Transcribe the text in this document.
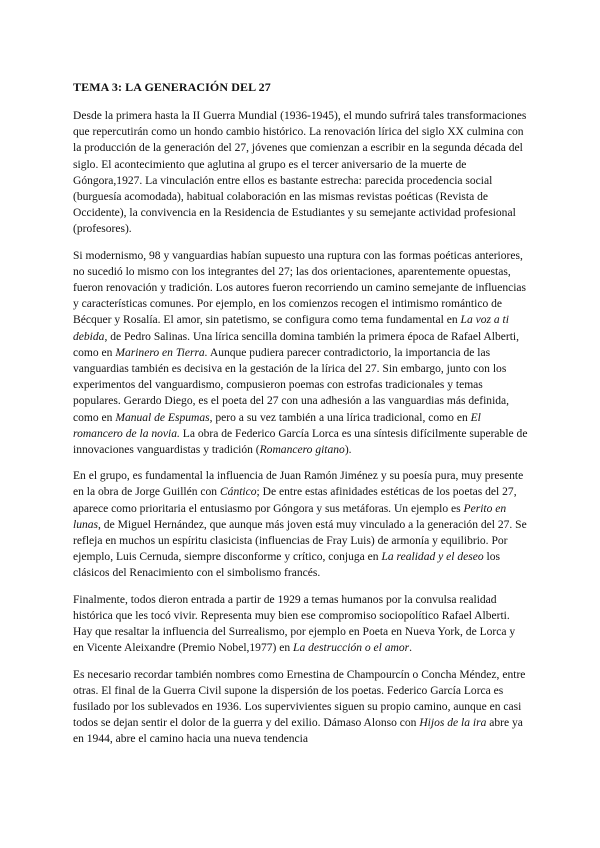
TEMA 3: LA GENERACIÓN DEL 27

Desde la primera hasta la II Guerra Mundial (1936-1945), el mundo sufrirá tales transformaciones que repercutirán como un hondo cambio histórico. La renovación lírica del siglo XX culmina con la producción de la generación del 27, jóvenes que comienzan a escribir en la segunda década del siglo. El acontecimiento que aglutina al grupo es el tercer aniversario de la muerte de Góngora,1927. La vinculación entre ellos es bastante estrecha: parecida procedencia social (burguesía acomodada), habitual colaboración en las mismas revistas poéticas (Revista de Occidente), la convivencia en la Residencia de Estudiantes y su semejante actividad profesional (profesores).

Si modernismo, 98 y vanguardias habían supuesto una ruptura con las formas poéticas anteriores, no sucedió lo mismo con los integrantes del 27; las dos orientaciones, aparentemente opuestas, fueron renovación y tradición. Los autores fueron recorriendo un camino semejante de influencias y características comunes. Por ejemplo, en los comienzos recogen el intimismo romántico de Bécquer y Rosalía. El amor, sin patetismo, se configura como tema fundamental en La voz a ti debida, de Pedro Salinas. Una lírica sencilla domina también la primera época de Rafael Alberti, como en Marinero en Tierra. Aunque pudiera parecer contradictorio, la importancia de las vanguardias también es decisiva en la gestación de la lírica del 27. Sin embargo, junto con los experimentos del vanguardismo, compusieron poemas con estrofas tradicionales y temas populares. Gerardo Diego, es el poeta del 27 con una adhesión a las vanguardias más definida, como en Manual de Espumas, pero a su vez también a una lírica tradicional, como en El romancero de la novia. La obra de Federico García Lorca es una síntesis difícilmente superable de innovaciones vanguardistas y tradición (Romancero gitano).

En el grupo, es fundamental la influencia de Juan Ramón Jiménez y su poesía pura, muy presente en la obra de Jorge Guillén con Cántico; De entre estas afinidades estéticas de los poetas del 27, aparece como prioritaria el entusiasmo por Góngora y sus metáforas. Un ejemplo es Perito en lunas, de Miguel Hernández, que aunque más joven está muy vinculado a la generación del 27. Se refleja en muchos un espíritu clasicista (influencias de Fray Luis) de armonía y equilibrio. Por ejemplo, Luis Cernuda, siempre disconforme y crítico, conjuga en La realidad y el deseo los clásicos del Renacimiento con el simbolismo francés.

Finalmente, todos dieron entrada a partir de 1929 a temas humanos por la convulsa realidad histórica que les tocó vivir. Representa muy bien ese compromiso sociopolítico Rafael Alberti. Hay que resaltar la influencia del Surrealismo, por ejemplo en Poeta en Nueva York, de Lorca y en Vicente Aleixandre (Premio Nobel,1977) en La destrucción o el amor.

Es necesario recordar también nombres como Ernestina de Champourcín o Concha Méndez, entre otras. El final de la Guerra Civil supone la dispersión de los poetas. Federico García Lorca es fusilado por los sublevados en 1936. Los supervivientes siguen su propio camino, aunque en casi todos se dejan sentir el dolor de la guerra y del exilio. Dámaso Alonso con Hijos de la ira abre ya en 1944, abre el camino hacia una nueva tendencia
